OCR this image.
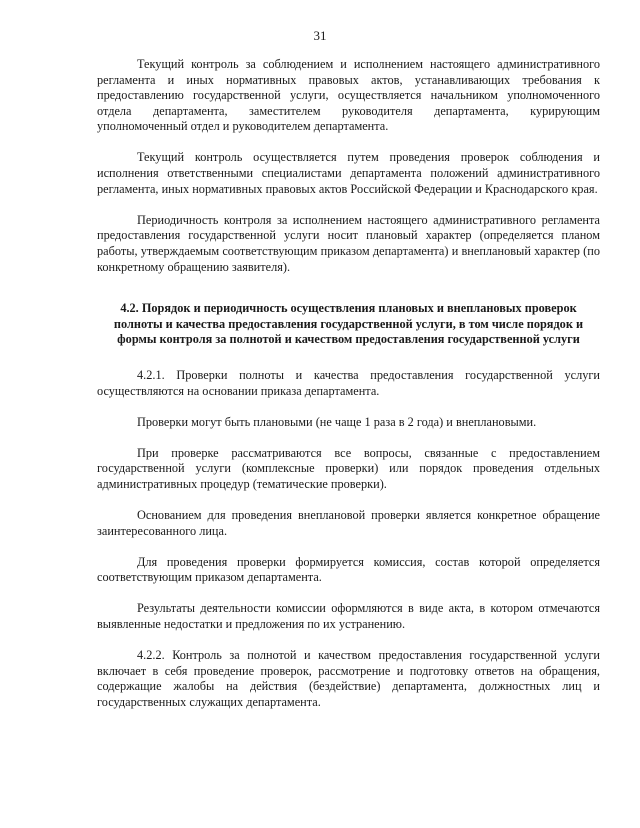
31

Текущий контроль за соблюдением и исполнением настоящего административного регламента и иных нормативных правовых актов, устанавливающих требования к предоставлению государственной услуги, осуществляется начальником уполномоченного отдела департамента, заместителем руководителя департамента, курирующим уполномоченный отдел и руководителем департамента.

Текущий контроль осуществляется путем проведения проверок соблюдения и исполнения ответственными специалистами департамента положений административного регламента, иных нормативных правовых актов Российской Федерации и Краснодарского края.

Периодичность контроля за исполнением настоящего административного регламента предоставления государственной услуги носит плановый характер (определяется планом работы, утверждаемым соответствующим приказом департамента) и внеплановый характер (по конкретному обращению заявителя).

4.2. Порядок и периодичность осуществления плановых и внеплановых проверок полноты и качества предоставления государственной услуги, в том числе порядок и формы контроля за полнотой и качеством предоставления государственной услуги

4.2.1. Проверки полноты и качества предоставления государственной услуги осуществляются на основании приказа департамента.

Проверки могут быть плановыми (не чаще 1 раза в 2 года) и внеплановыми.

При проверке рассматриваются все вопросы, связанные с предоставлением государственной услуги (комплексные проверки) или порядок проведения отдельных административных процедур (тематические проверки).

Основанием для проведения внеплановой проверки является конкретное обращение заинтересованного лица.

Для проведения проверки формируется комиссия, состав которой определяется соответствующим приказом департамента.

Результаты деятельности комиссии оформляются в виде акта, в котором отмечаются выявленные недостатки и предложения по их устранению.

4.2.2. Контроль за полнотой и качеством предоставления государственной услуги включает в себя проведение проверок, рассмотрение и подготовку ответов на обращения, содержащие жалобы на действия (бездействие) департамента, должностных лиц и государственных служащих департамента.
